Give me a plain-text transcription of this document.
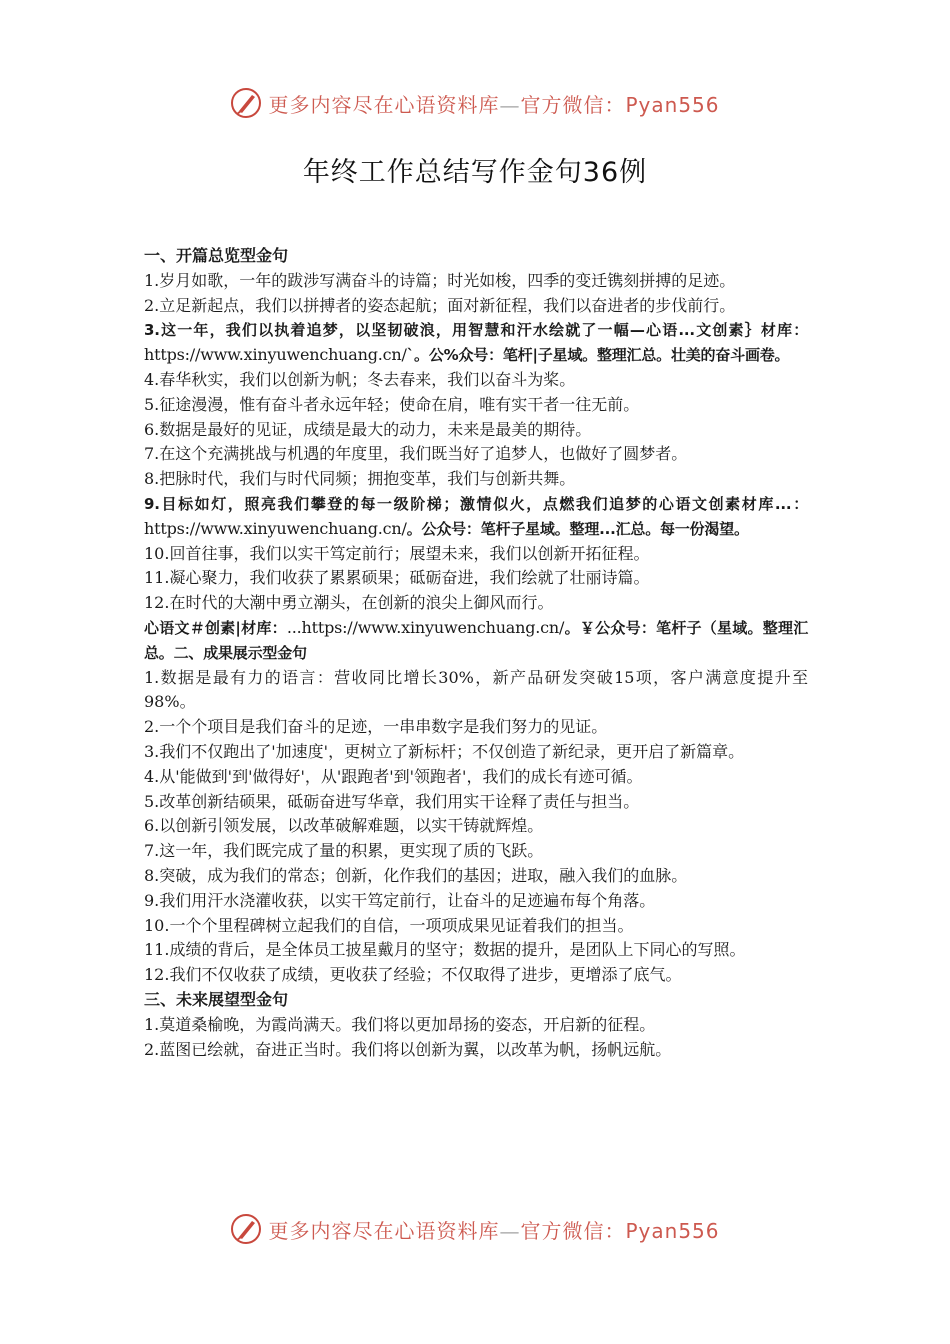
更多内容尽在心语资料库—官方微信：Pyan556
年终工作总结写作金句36例

一、开篇总览型金句

1.岁月如歌，一年的跋涉写满奋斗的诗篇；时光如梭，四季的变迁镌刻拼搏的足迹。

2.立足新起点，我们以拼搏者的姿态起航；面对新征程，我们以奋进者的步伐前行。

3.这一年，我们以执着追梦，以坚韧破浪，用智慧和汗水绘就了一幅—心语...文创素｝材库：https://www.xinyuwenchuang.cn/`。公%众号：笔杆|子星域。整理汇总。壮美的奋斗画卷。

4.春华秋实，我们以创新为帆；冬去春来，我们以奋斗为桨。

5.征途漫漫，惟有奋斗者永远年轻；使命在肩，唯有实干者一往无前。

6.数据是最好的见证，成绩是最大的动力，未来是最美的期待。

7.在这个充满挑战与机遇的年度里，我们既当好了追梦人，也做好了圆梦者。

8.把脉时代，我们与时代同频；拥抱变革，我们与创新共舞。

9.目标如灯，照亮我们攀登的每一级阶梯；激情似火，点燃我们追梦的心语文创素材库...：https://www.xinyuwenchuang.cn/。公众号：笔杆子星域。整理...汇总。每一份渴望。

10.回首往事，我们以实干笃定前行；展望未来，我们以创新开拓征程。

11.凝心聚力，我们收获了累累硕果；砥砺奋进，我们绘就了壮丽诗篇。

12.在时代的大潮中勇立潮头，在创新的浪尖上御风而行。

心语文＃创素|材库：...https://www.xinyuwenchuang.cn/。￥公众号：笔杆子（星域。整理汇总。二、成果展示型金句

1.数据是最有力的语言：营收同比增长30%，新产品研发突破15项，客户满意度提升至98%。

2.一个个项目是我们奋斗的足迹，一串串数字是我们努力的见证。

3.我们不仅跑出了'加速度'，更树立了新标杆；不仅创造了新纪录，更开启了新篇章。

4.从'能做到'到'做得好'，从'跟跑者'到'领跑者'，我们的成长有迹可循。

5.改革创新结硕果，砥砺奋进写华章，我们用实干诠释了责任与担当。

6.以创新引领发展，以改革破解难题，以实干铸就辉煌。

7.这一年，我们既完成了量的积累，更实现了质的飞跃。

8.突破，成为我们的常态；创新，化作我们的基因；进取，融入我们的血脉。

9.我们用汗水浇灌收获，以实干笃定前行，让奋斗的足迹遍布每个角落。

10.一个个里程碑树立起我们的自信，一项项成果见证着我们的担当。

11.成绩的背后，是全体员工披星戴月的坚守；数据的提升，是团队上下同心的写照。

12.我们不仅收获了成绩，更收获了经验；不仅取得了进步，更增添了底气。

三、未来展望型金句

1.莫道桑榆晚，为霞尚满天。我们将以更加昂扬的姿态，开启新的征程。

2.蓝图已绘就，奋进正当时。我们将以创新为翼，以改革为帆，扬帆远航。

更多内容尽在心语资料库—官方微信：Pyan556
